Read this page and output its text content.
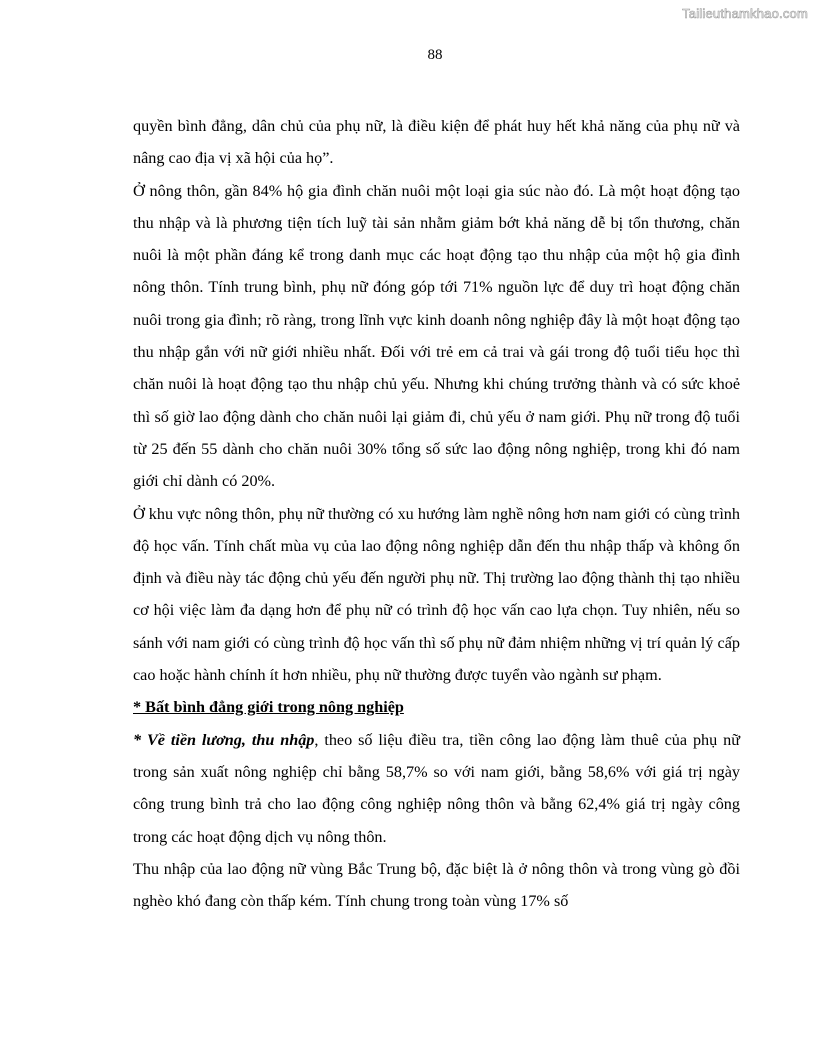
Tailieuthamkhao.com
88

quyền bình đẳng, dân chủ của phụ nữ, là điều kiện để phát huy hết khả năng của phụ nữ và nâng cao địa vị xã hội của họ”.

Ở nông thôn, gần 84% hộ gia đình chăn nuôi một loại gia súc nào đó. Là một hoạt động tạo thu nhập và là phương tiện tích luỹ tài sản nhằm giảm bớt khả năng dễ bị tổn thương, chăn nuôi là một phần đáng kể trong danh mục các hoạt động tạo thu nhập của một hộ gia đình nông thôn. Tính trung bình, phụ nữ đóng góp tới 71% nguồn lực để duy trì hoạt động chăn nuôi trong gia đình; rõ ràng, trong lĩnh vực kinh doanh nông nghiệp đây là một hoạt động tạo thu nhập gắn với nữ giới nhiều nhất. Đối với trẻ em cả trai và gái trong độ tuổi tiểu học thì chăn nuôi là hoạt động tạo thu nhập chủ yếu. Nhưng khi chúng trưởng thành và có sức khoẻ thì số giờ lao động dành cho chăn nuôi lại giảm đi, chủ yếu ở nam giới. Phụ nữ trong độ tuổi từ 25 đến 55 dành cho chăn nuôi 30% tổng số sức lao động nông nghiệp, trong khi đó nam giới chỉ dành có 20%.

Ở khu vực nông thôn, phụ nữ thường có xu hướng làm nghề nông hơn nam giới có cùng trình độ học vấn. Tính chất mùa vụ của lao động nông nghiệp dẫn đến thu nhập thấp và không ổn định và điều này tác động chủ yếu đến người phụ nữ. Thị trường lao động thành thị tạo nhiều cơ hội việc làm đa dạng hơn để phụ nữ có trình độ học vấn cao lựa chọn. Tuy nhiên, nếu so sánh với nam giới có cùng trình độ học vấn thì số phụ nữ đảm nhiệm những vị trí quản lý cấp cao hoặc hành chính ít hơn nhiều, phụ nữ thường được tuyển vào ngành sư phạm.

* Bất bình đẳng giới trong nông nghiệp

* Về tiền lương, thu nhập, theo số liệu điều tra, tiền công lao động làm thuê của phụ nữ trong sản xuất nông nghiệp chỉ bằng 58,7% so với nam giới, bằng 58,6% với giá trị ngày công trung bình trả cho lao động công nghiệp nông thôn và bằng 62,4% giá trị ngày công trong các hoạt động dịch vụ nông thôn.

Thu nhập của lao động nữ vùng Bắc Trung bộ, đặc biệt là ở nông thôn và trong vùng gò đồi nghèo khó đang còn thấp kém. Tính chung trong toàn vùng 17% số
